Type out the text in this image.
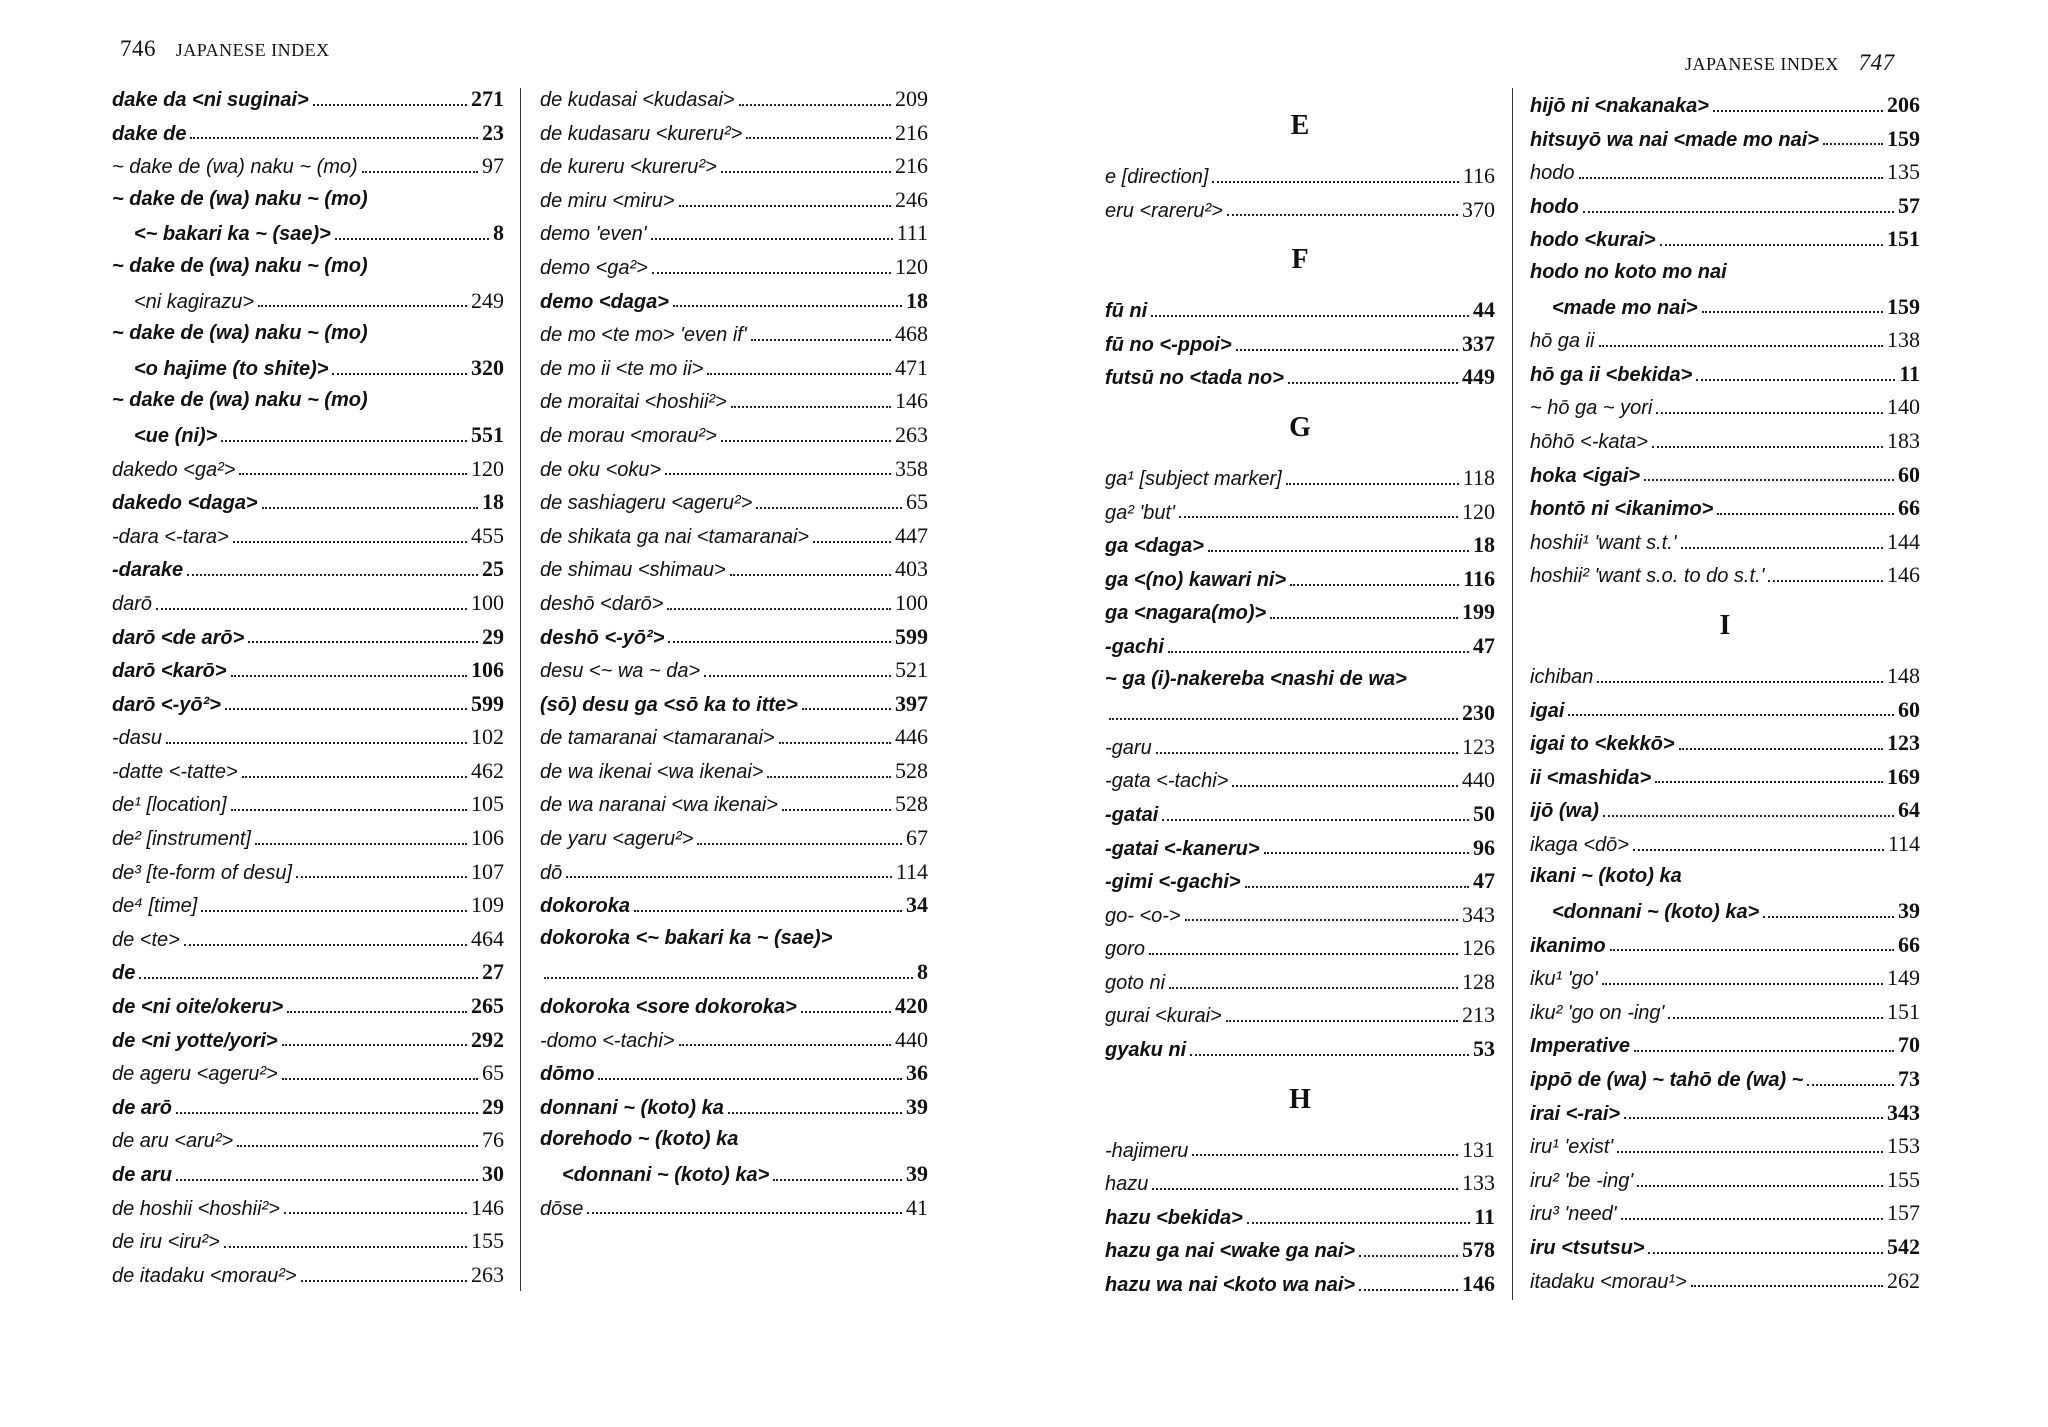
746 JAPANESE INDEX
JAPANESE INDEX 747
dake da <ni suginai>	271
dake de	23
~ dake de (wa) naku ~ (mo)	97
~ dake de (wa) naku ~ (mo)
<~ bakari ka ~ (sae)>	8
~ dake de (wa) naku ~ (mo)
<ni kagirazu>	249
~ dake de (wa) naku ~ (mo)
<o hajime (to shite)>	320
~ dake de (wa) naku ~ (mo)
<ue (ni)>	551
dakedo <ga²>	120
dakedo <daga>	18
-dara <-tara>	455
-darake	25
darō	100
darō <de arō>	29
darō <karō>	106
darō <-yō²>	599
-dasu	102
-datte <-tatte>	462
de¹ [location]	105
de² [instrument]	106
de³ [te-form of desu]	107
de⁴ [time]	109
de <te>	464
de	27
de <ni oite/okeru>	265
de <ni yotte/yori>	292
de ageru <ageru²>	65
de arō	29
de aru <aru²>	76
de aru	30
de hoshii <hoshii²>	146
de iru <iru²>	155
de itadaku <morau²>	263
de kudasai <kudasai>	209
de kudasaru <kureru²>	216
de kureru <kureru²>	216
de miru <miru>	246
demo 'even'	111
demo <ga²>	120
demo <daga>	18
de mo <te mo> 'even if'	468
de mo ii <te mo ii>	471
de moraitai <hoshii²>	146
de morau <morau²>	263
de oku <oku>	358
de sashiageru <ageru²>	65
de shikata ga nai <tamaranai>	447
de shimau <shimau>	403
deshō <darō>	100
deshō <-yō²>	599
desu <~ wa ~ da>	521
(sō) desu ga <sō ka to itte>	397
de tamaranai <tamaranai>	446
de wa ikenai <wa ikenai>	528
de wa naranai <wa ikenai>	528
de yaru <ageru²>	67
dō	114
dokoroka	34
dokoroka <~ bakari ka ~ (sae)>
8
dokoroka <sore dokoroka>	420
-domo <-tachi>	440
dōmo	36
donnani ~ (koto) ka	39
dorehodo ~ (koto) ka
<donnani ~ (koto) ka>	39
dōse	41
E
e [direction]	116
eru <rareru²>	370
F
fū ni	44
fū no <-ppoi>	337
futsū no <tada no>	449
G
ga¹ [subject marker]	118
ga² 'but'	120
ga <daga>	18
ga <(no) kawari ni>	116
ga <nagara(mo)>	199
-gachi	47
~ ga (i)-nakereba <nashi de wa>
230
-garu	123
-gata <-tachi>	440
-gatai	50
-gatai <-kaneru>	96
-gimi <-gachi>	47
go- <o->	343
goro	126
goto ni	128
gurai <kurai>	213
gyaku ni	53
H
-hajimeru	131
hazu	133
hazu <bekida>	11
hazu ga nai <wake ga nai>	578
hazu wa nai <koto wa nai>	146
hijō ni <nakanaka>	206
hitsuyō wa nai <made mo nai>	159
hodo	135
hodo	57
hodo <kurai>	151
hodo no koto mo nai
<made mo nai>	159
hō ga ii	138
hō ga ii <bekida>	11
~ hō ga ~ yori	140
hōhō <-kata>	183
hoka <igai>	60
hontō ni <ikanimo>	66
hoshii¹ 'want s.t.'	144
hoshii² 'want s.o. to do s.t.'	146
I
ichiban	148
igai	60
igai to <kekkō>	123
ii <mashida>	169
ijō (wa)	64
ikaga <dō>	114
ikani ~ (koto) ka
<donnani ~ (koto) ka>	39
ikanimo	66
iku¹ 'go'	149
iku² 'go on -ing'	151
Imperative	70
ippō de (wa) ~ tahō de (wa) ~	73
irai <-rai>	343
iru¹ 'exist'	153
iru² 'be -ing'	155
iru³ 'need'	157
iru <tsutsu>	542
itadaku <morau¹>	262
